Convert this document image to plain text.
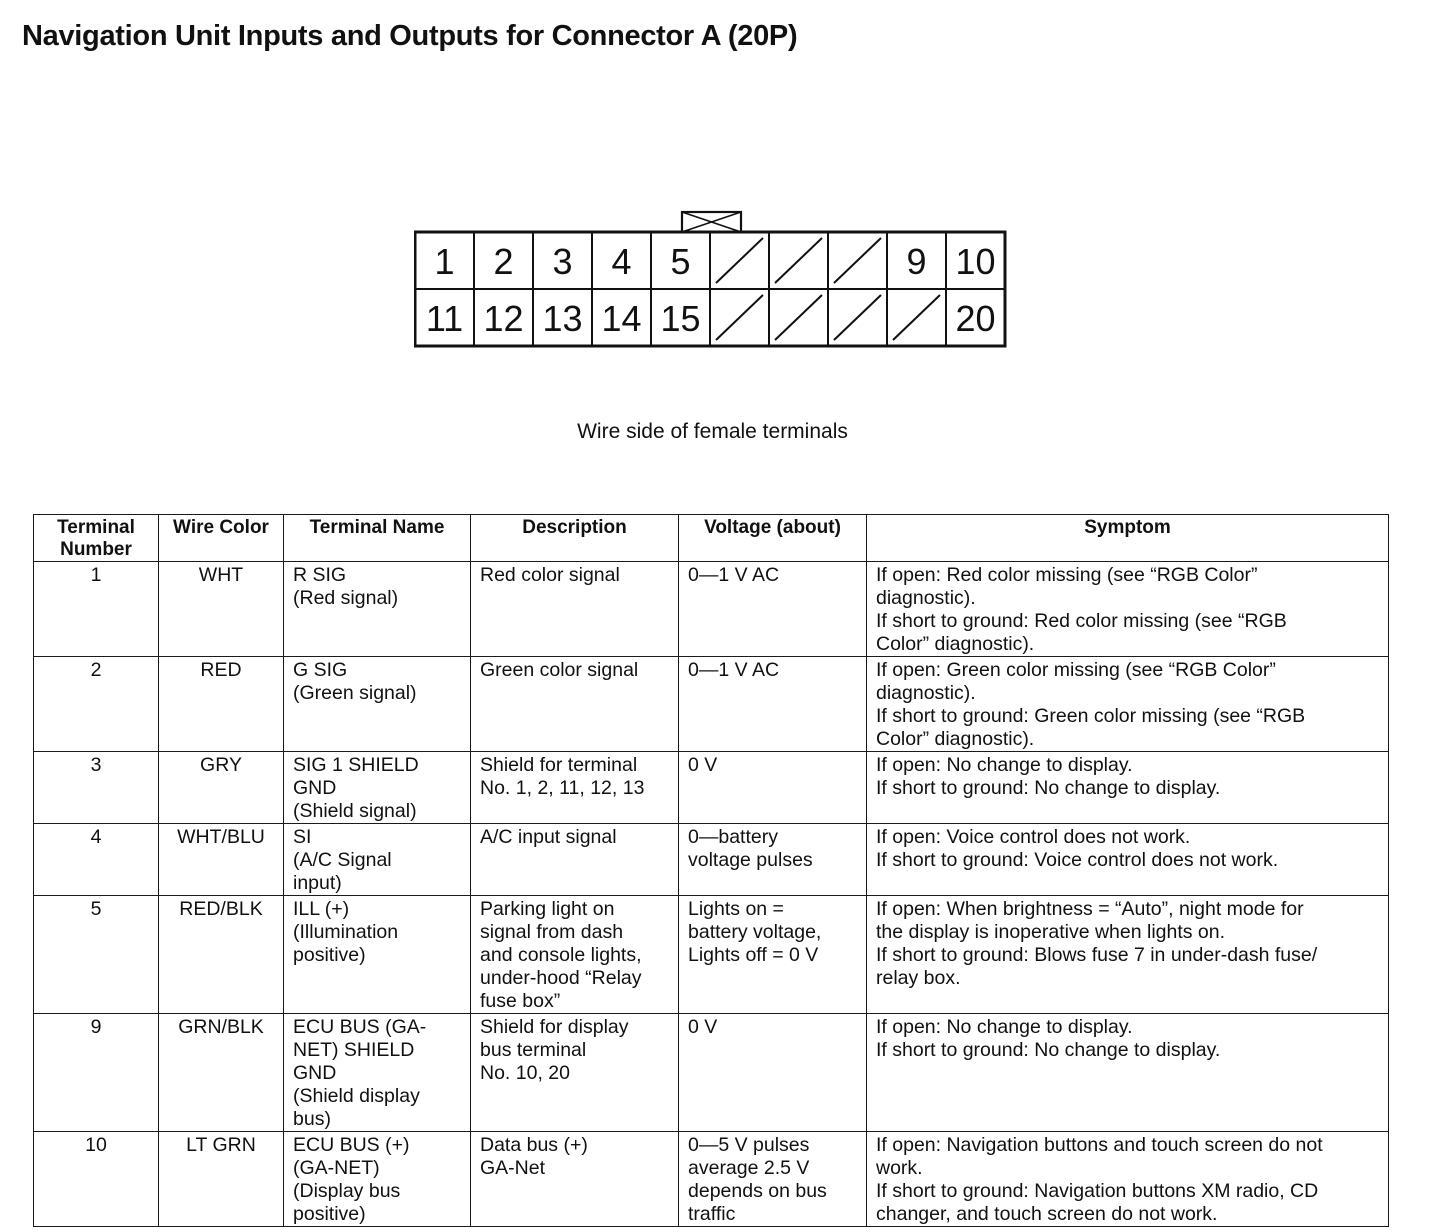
Navigation Unit Inputs and Outputs for Connector A (20P)
1 2 3 4 5	9 10
11 12 13 14 15	20
Wire side of female terminals
Terminal
Number	Wire Color	Terminal Name	Description	Voltage (about)	Symptom

1	WHT	R SIG
(Red signal)	Red color signal	0—1 V AC	If open: Red color missing (see “RGB Color”
diagnostic).
If short to ground: Red color missing (see “RGB
Color” diagnostic).

2	RED	G SIG
(Green signal)	Green color signal	0—1 V AC	If open: Green color missing (see “RGB Color”
diagnostic).
If short to ground: Green color missing (see “RGB
Color” diagnostic).

3	GRY	SIG 1 SHIELD
GND
(Shield signal)	Shield for terminal
No. 1, 2, 11, 12, 13	0 V	If open: No change to display.
If short to ground: No change to display.

4	WHT/BLU	SI
(A/C Signal
input)	A/C input signal	0—battery
voltage pulses	If open: Voice control does not work.
If short to ground: Voice control does not work.

5	RED/BLK	ILL (+)
(Illumination
positive)	Parking light on
signal from dash
and console lights,
under-hood “Relay
fuse box”	Lights on =
battery voltage,
Lights off = 0 V	If open: When brightness = “Auto”, night mode for
the display is inoperative when lights on.
If short to ground: Blows fuse 7 in under-dash fuse/
relay box.

9	GRN/BLK	ECU BUS (GA-
NET) SHIELD
GND
(Shield display
bus)	Shield for display
bus terminal
No. 10, 20	0 V	If open: No change to display.
If short to ground: No change to display.

10	LT GRN	ECU BUS (+)
(GA-NET)
(Display bus
positive)	Data bus (+)
GA-Net	0—5 V pulses
average 2.5 V
depends on bus
traffic	If open: Navigation buttons and touch screen do not
work.
If short to ground: Navigation buttons XM radio, CD
changer, and touch screen do not work.
